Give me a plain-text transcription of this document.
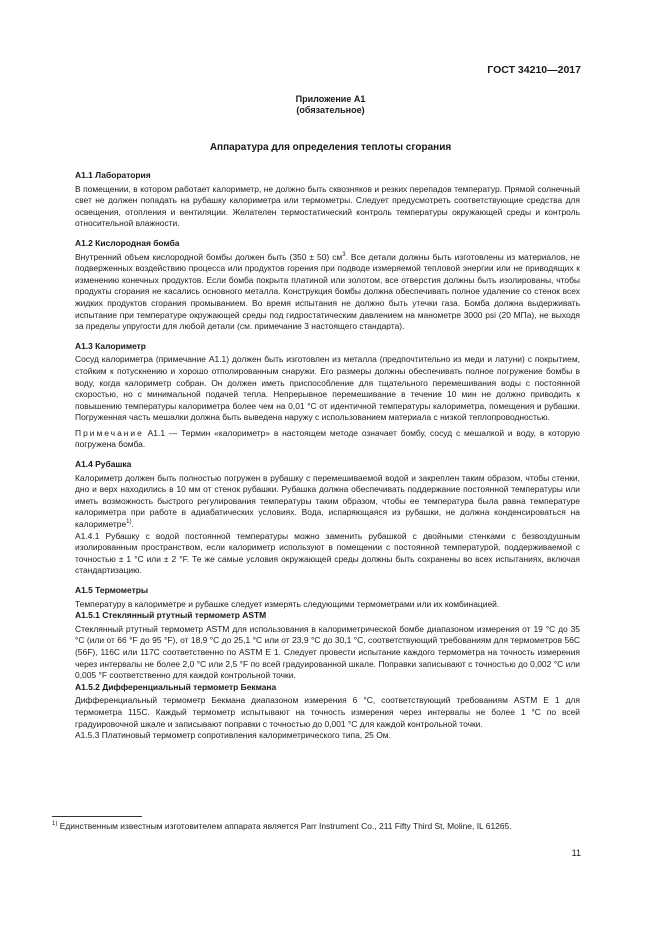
ГОСТ 34210—2017
Приложение А1
(обязательное)
Аппаратура для определения теплоты сгорания
А1.1 Лаборатория

В помещении, в котором работает калориметр, не должно быть сквозняков и резких перепадов температур. Прямой солнечный свет не должен попадать на рубашку калориметра или термометры. Следует предусмотреть соответствующие средства для освещения, отопления и вентиляции. Желателен термостатический контроль температуры окружающей среды и контроль относительной влажности.

А1.2 Кислородная бомба

Внутренний объем кислородной бомбы должен быть (350 ± 50) $см^3$. Все детали должны быть изготовлены из материалов, не подверженных воздействию процесса или продуктов горения при подводе измеряемой тепловой энергии или не приводящих к изменению конечных продуктов. Если бомба покрыта платиной или золотом, все отверстия должны быть изолированы, чтобы продукты сгорания не касались основного металла. Конструкция бомбы должна обеспечивать полное удаление со стенок всех жидких продуктов сгорания промыванием. Во время испытания не должно быть утечки газа. Бомба должна выдерживать испытание при температуре окружающей среды под гидростатическим давлением на манометре 3000 psi (20 МПа), не выходя за пределы упругости для любой детали (см. примечание 3 настоящего стандарта).

А1.3 Калориметр

Сосуд калориметра (примечание А1.1) должен быть изготовлен из металла (предпочтительно из меди и латуни) с покрытием, стойким к потускнению и хорошо отполированным снаружи. Его размеры должны обеспечивать полное погружение бомбы в воду, когда калориметр собран. Он должен иметь приспособление для тщательного перемешивания воды с постоянной скоростью, но с минимальной подачей тепла. Непрерывное перемешивание в течение 10 мин не должно приводить к повышению температуры калориметра более чем на 0,01 °С от идентичной температуры калориметра, помещения и рубашки. Погруженная часть мешалки должна быть выведена наружу с использованием материала с низкой теплопроводностью.

Примечание А1.1 — Термин «калориметр» в настоящем методе означает бомбу, сосуд с мешалкой и воду, в которую погружена бомба.

А1.4 Рубашка

Калориметр должен быть полностью погружен в рубашку с перемешиваемой водой и закреплен таким образом, чтобы стенки, дно и верх находились в 10 мм от стенок рубашки. Рубашка должна обеспечивать поддержание постоянной температуры или иметь возможность быстрого регулирования температуры таким образом, чтобы ее температура была равна температуре калориметра при работе в адиабатических условиях. Вода, испаряющаяся из рубашки, не должна конденсироваться на калориметре$^{1)}$.

А1.4.1 Рубашку с водой постоянной температуры можно заменить рубашкой с двойными стенками с безвоздушным изолированным пространством, если калориметр используют в помещении с постоянной температурой, поддерживаемой с точностью ± 1 °С или ± 2 °F. Те же самые условия окружающей среды должны быть сохранены во всех испытаниях, включая стандартизацию.

А1.5 Термометры

Температуру в калориметре и рубашке следует измерять следующими термометрами или их комбинацией.

А1.5.1 Стеклянный ртутный термометр ASTM

Стеклянный ртутный термометр ASTM для использования в калориметрической бомбе диапазоном измерения от 19 °С до 35 °С (или от 66 °F до 95 °F), от 18,9 °С до 25,1 °С или от 23,9 °С до 30,1 °С, соответствующий требованиям для термометров 56С (56F), 116С или 117С соответственно по ASTM Е 1. Следует провести испытание каждого термометра на точность измерения через интервалы не более 2,0 °С или 2,5 °F по всей градуированной шкале. Поправки записывают с точностью до 0,002 °С или 0,005 °F соответственно для каждой контрольной точки.

А1.5.2 Дифференциальный термометр Бекмана

Дифференциальный термометр Бекмана диапазоном измерения 6 °С, соответствующий требованиям ASTM Е 1 для термометра 115С. Каждый термометр испытывают на точность измерения через интервалы не более 1 °С по всей градуировочной шкале и записывают поправки с точностью до 0,001 °С для каждой контрольной точки.

А1.5.3 Платиновый термометр сопротивления калориметрического типа, 25 Ом.

$^{1)}$ Единственным известным изготовителем аппарата является Parr Instrument Co., 211 Fifty Third St, Moline, IL 61265.
11
